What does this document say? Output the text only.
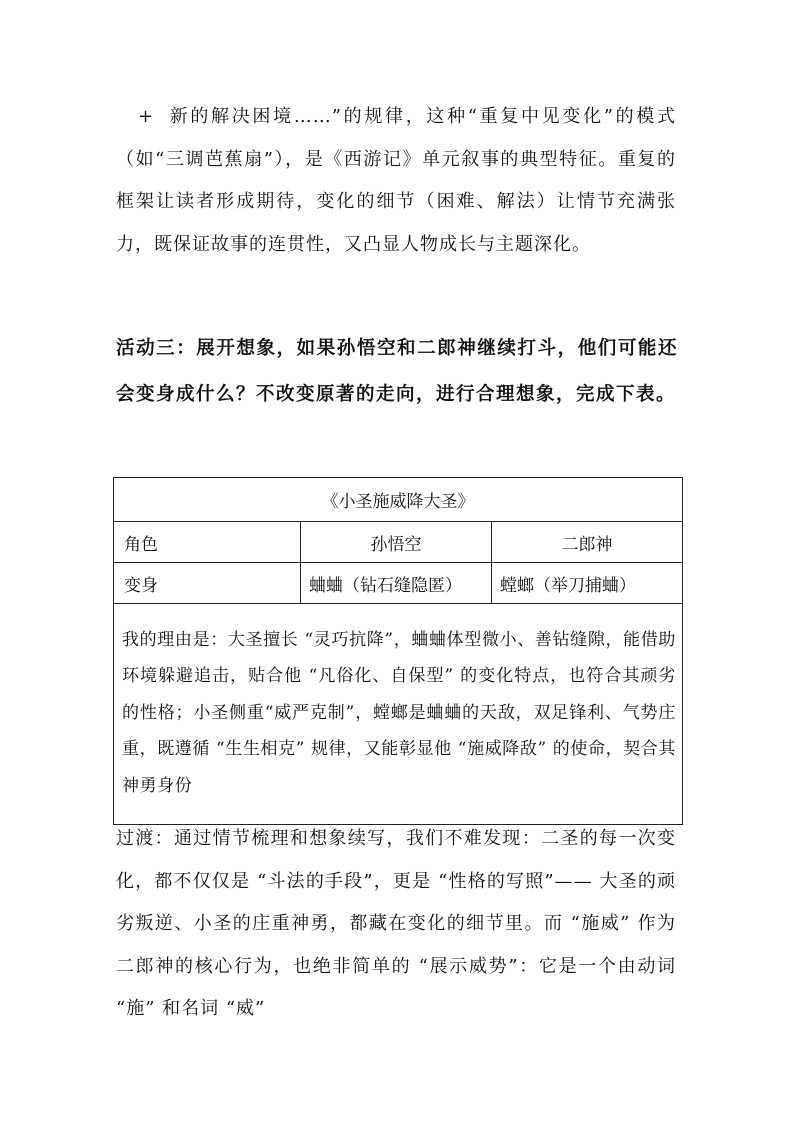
+ 新的解决困境……”的规律，这种“重复中见变化”的模式（如“三调芭蕉扇”），是《西游记》单元叙事的典型特征。重复的框架让读者形成期待，变化的细节（困难、解法）让情节充满张力，既保证故事的连贯性，又凸显人物成长与主题深化。

活动三：展开想象，如果孙悟空和二郎神继续打斗，他们可能还会变身成什么？不改变原著的走向，进行合理想象，完成下表。

《小圣施威降大圣》		
角色	孙悟空	二郎神
变身	蛐蛐（钻石缝隐匿）	螳螂（举刀捕蛐）
我的理由是：大圣擅长 “灵巧抗降”，蛐蛐体型微小、善钻缝隙，能借助环境躲避追击，贴合他 “凡俗化、自保型” 的变化特点，也符合其顽劣的性格；小圣侧重“威严克制”，螳螂是蛐蛐的天敌，双足锋利、气势庄重，既遵循 “生生相克” 规律，又能彰显他 “施威降敌” 的使命，契合其神勇身份		

过渡：通过情节梳理和想象续写，我们不难发现：二圣的每一次变化，都不仅仅是 “斗法的手段”，更是 “性格的写照”—— 大圣的顽劣叛逆、小圣的庄重神勇，都藏在变化的细节里。而 “施威” 作为二郎神的核心行为，也绝非简单的 “展示威势”：它是一个由动词 “施” 和名词 “威”
